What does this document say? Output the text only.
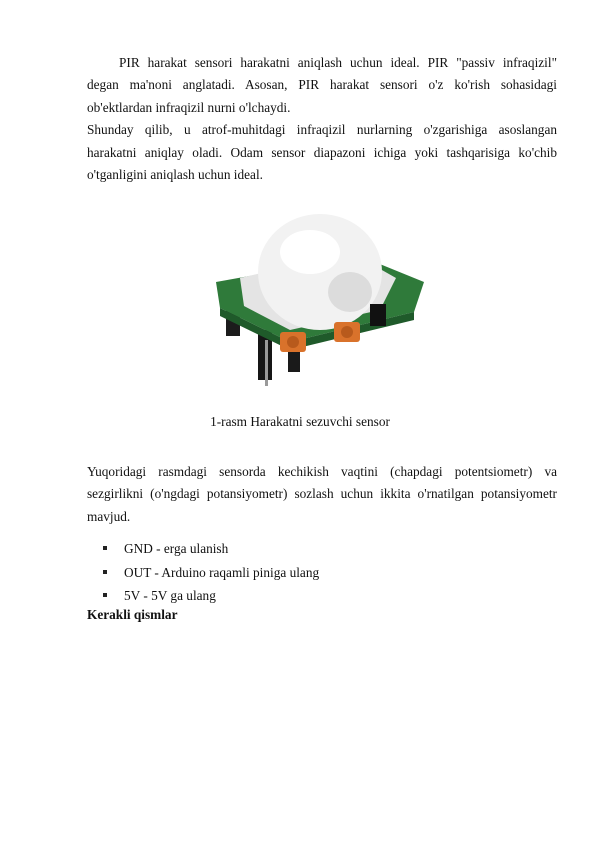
PIR harakat sensori harakatni aniqlash uchun ideal. PIR "passiv infraqizil"
degan ma'noni anglatadi. Asosan, PIR harakat sensori o'z ko'rish sohasidagi
ob'ektlardan infraqizil nurni o'lchaydi.
Shunday qilib, u atrof-muhitdagi infraqizil nurlarning o'zgarishiga asoslangan
harakatni aniqlay oladi. Odam sensor diapazoni ichiga yoki tashqarisiga ko'chib
o'tganligini aniqlash uchun ideal.
1-rasm Harakatni sezuvchi sensor
Yuqoridagi rasmdagi sensorda kechikish vaqtini (chapdagi potentsiometr) va
sezgirlikni (o'ngdagi potansiyometr) sozlash uchun ikkita o'rnatilgan potansiyometr
mavjud.
GND - erga ulanish
OUT - Arduino raqamli piniga ulang
5V - 5V ga ulang
Kerakli qismlar
